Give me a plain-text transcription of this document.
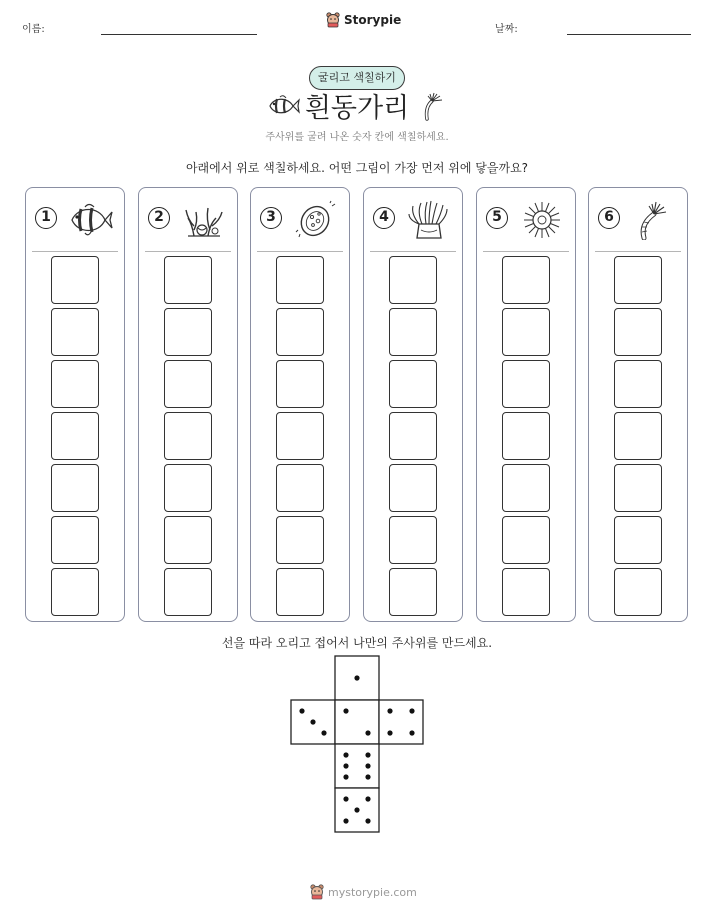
이름:
Storypie
날짜:
굴리고 색칠하기
흰동가리
주사위를 굴려 나온 숫자 칸에 색칠하세요.
아래에서 위로 색칠하세요. 어떤 그림이 가장 먼저 위에 닿을까요?
1	2	3	4	5	6
선을 따라 오리고 접어서 나만의 주사위를 만드세요.
mystorypie.com
